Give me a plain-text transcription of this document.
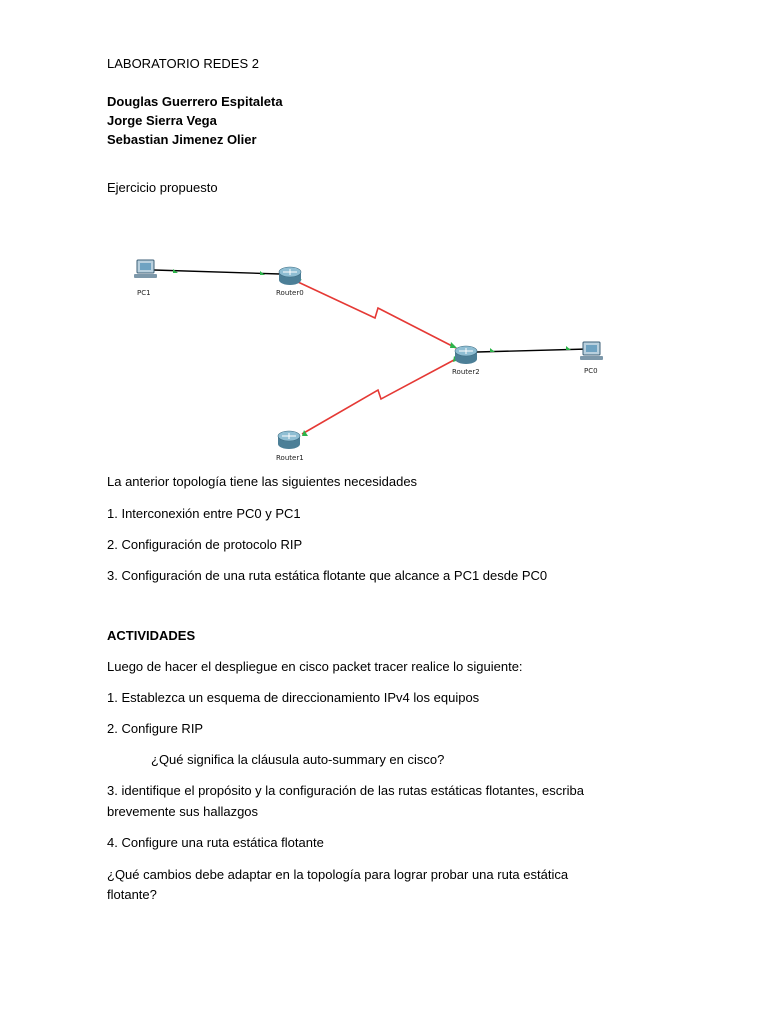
LABORATORIO REDES 2
Douglas Guerrero Espitaleta
Jorge Sierra Vega
Sebastian Jimenez Olier
Ejercicio propuesto
PC1	Router0
Router2	PC0
Router1
La anterior topología tiene las siguientes necesidades
1. Interconexión entre PC0 y PC1
2. Configuración de protocolo RIP
3. Configuración de una ruta estática flotante que alcance a PC1 desde PC0
ACTIVIDADES
Luego de hacer el despliegue en cisco packet tracer realice lo siguiente:
1. Establezca un esquema de direccionamiento IPv4 los equipos
2. Configure RIP
¿Qué significa la cláusula auto-summary en cisco?
3. identifique el propósito y la configuración de las rutas estáticas flotantes, escriba
brevemente sus hallazgos
4. Configure una ruta estática flotante
¿Qué cambios debe adaptar en la topología para lograr probar una ruta estática
flotante?
